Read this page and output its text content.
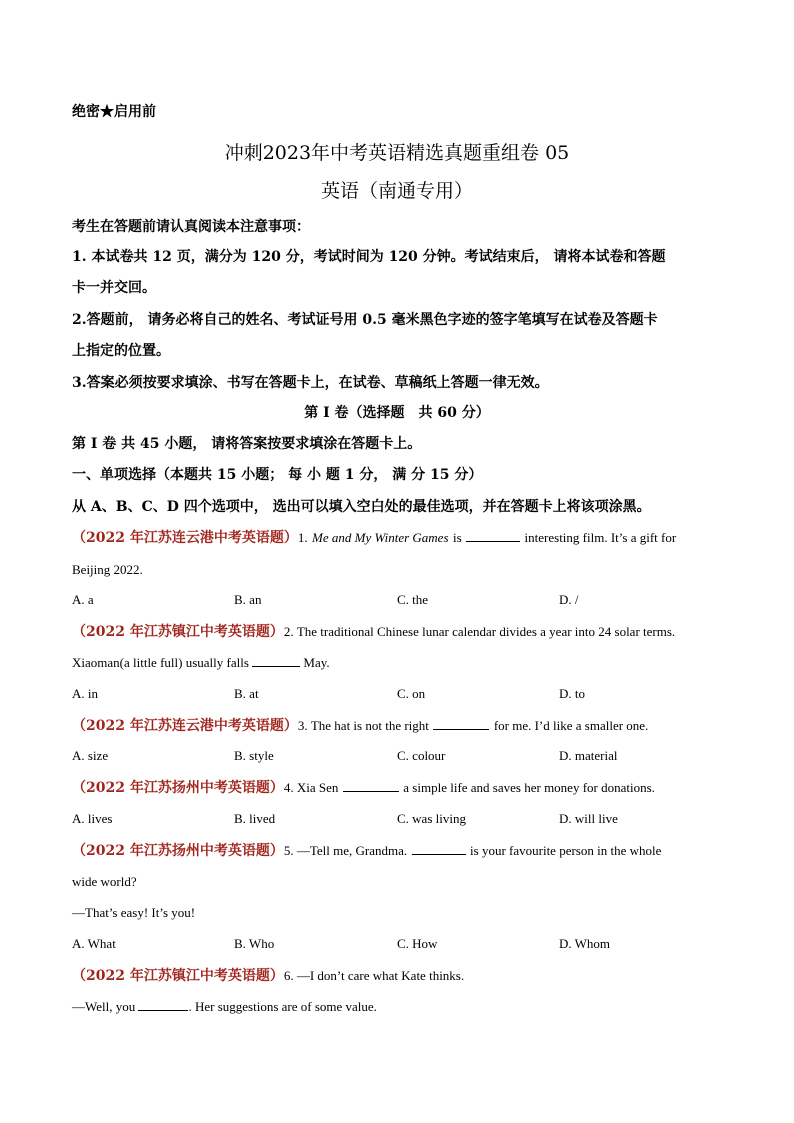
绝密★启用前
冲刺2023年中考英语精选真题重组卷 05
英语（南通专用）
考生在答题前请认真阅读本注意事项：
1. 本试卷共 12 页，满分为 120 分，考试时间为 120 分钟。考试结束后， 请将本试卷和答题
卡一并交回。
2.答题前， 请务必将自己的姓名、考试证号用 0.5 毫米黑色字迹的签字笔填写在试卷及答题卡
上指定的位置。
3.答案必须按要求填涂、书写在答题卡上，在试卷、草稿纸上答题一律无效。
第 I 卷（选择题　共 60 分）
第 I 卷 共 45 小题， 请将答案按要求填涂在答题卡上。
一、单项选择（本题共 15 小题； 每 小 题 1 分， 满 分 15 分）
从 A、B、C、D 四个选项中， 选出可以填入空白处的最佳选项，并在答题卡上将该项涂黑。
（2022 年江苏连云港中考英语题）1. Me and My Winter Games is	interesting film. It’s a gift for
Beijing 2022.
A. a	B. an	C. the	D. /
（2022 年江苏镇江中考英语题）2. The traditional Chinese lunar calendar divides a year into 24 solar terms.
Xiaoman(a little full) usually falls	May.
A. in	B. at	C. on	D. to
（2022 年江苏连云港中考英语题）3. The hat is not the right	for me. I’d like a smaller one.
A. size	B. style	C. colour	D. material
（2022 年江苏扬州中考英语题）4. Xia Sen	a simple life and saves her money for donations.
A. lives	B. lived	C. was living	D. will live
（2022 年江苏扬州中考英语题）5. —Tell me, Grandma.	is your favourite person in the whole
wide world?
—That’s easy! It’s you!
A. What	B. Who	C. How	D. Whom
（2022 年江苏镇江中考英语题）6. —I don’t care what Kate thinks.
—Well, you	. Her suggestions are of some value.
